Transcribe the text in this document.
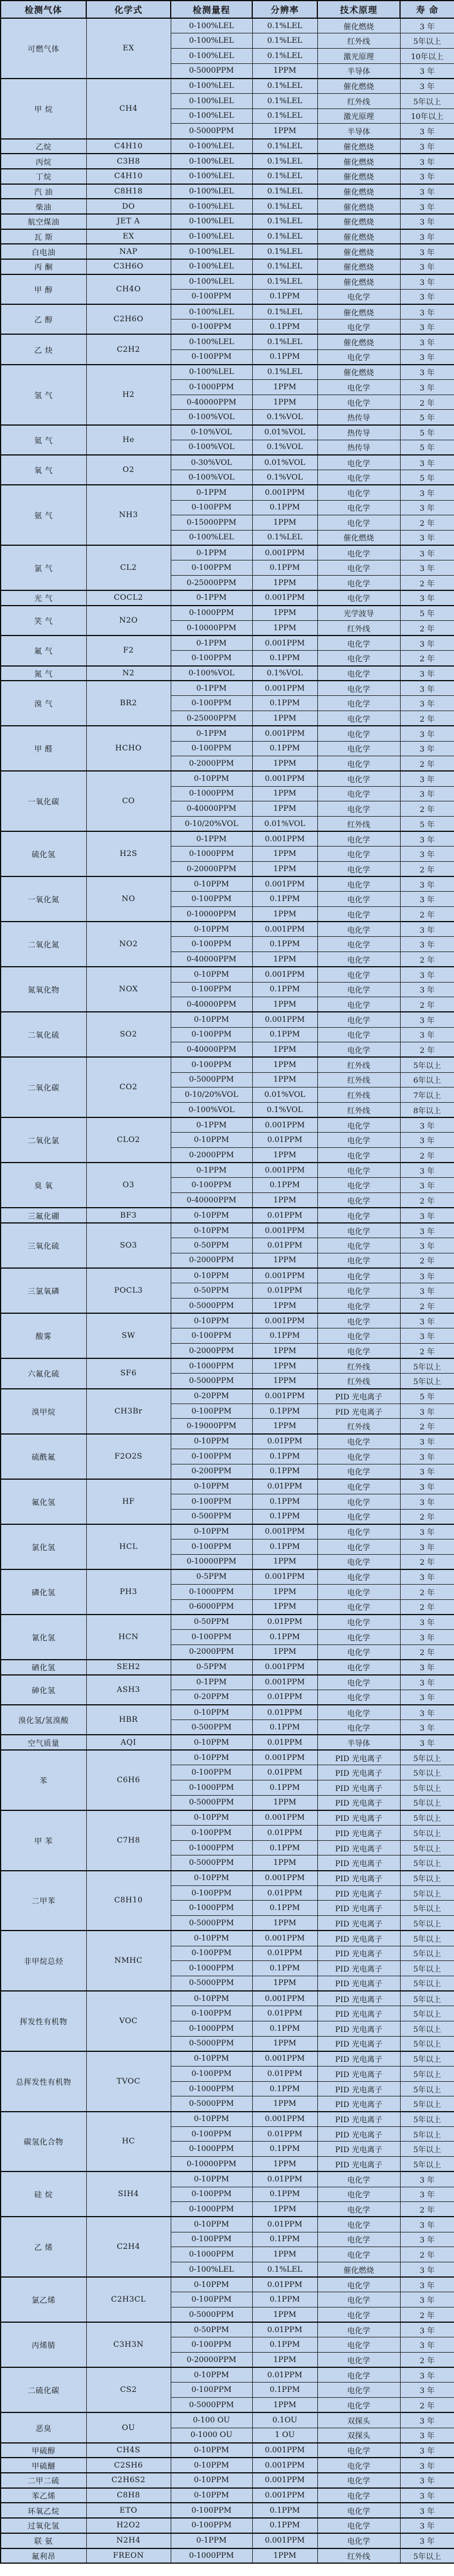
检测气体	化学式	检测量程	分辨率	技术原理	寿 命
可燃气体	EX	0-100%LEL	0.1%LEL	催化燃烧	3 年
		0-100%LEL	0.1%LEL	红外线	5年以上
		0-100%LEL	0.1%LEL	激光原理	10年以上
		0-5000PPM	1PPM	半导体	3 年
甲 烷	CH4	0-100%LEL	0.1%LEL	催化燃烧	3 年
		0-100%LEL	0.1%LEL	红外线	5年以上
		0-100%LEL	0.1%LEL	激光原理	10年以上
		0-5000PPM	1PPM	半导体	3 年
乙烷	C4H10	0-100%LEL	0.1%LEL	催化燃烧	3 年
丙烷	C3H8	0-100%LEL	0.1%LEL	催化燃烧	3 年
丁烷	C4H10	0-100%LEL	0.1%LEL	催化燃烧	3 年
汽 油	C8H18	0-100%LEL	0.1%LEL	催化燃烧	3 年
柴油	DO	0-100%LEL	0.1%LEL	催化燃烧	3 年
航空煤油	JET A	0-100%LEL	0.1%LEL	催化燃烧	3 年
瓦 斯	EX	0-100%LEL	0.1%LEL	催化燃烧	3 年
白电油	NAP	0-100%LEL	0.1%LEL	催化燃烧	3 年
丙 酮	C3H6O	0-100%LEL	0.1%LEL	催化燃烧	3 年
甲 醇	CH4O	0-100%LEL	0.1%LEL	催化燃烧	3 年
		0-100PPM	0.1PPM	电化学	3 年
乙 醇	C2H6O	0-100%LEL	0.1%LEL	催化燃烧	3 年
		0-100PPM	0.1PPM	电化学	3 年
乙 炔	C2H2	0-100%LEL	0.1%LEL	催化燃烧	3 年
		0-100PPM	0.1PPM	电化学	3 年
氢 气	H2	0-100%LEL	0.1%LEL	催化燃烧	3 年
		0-1000PPM	1PPM	电化学	3 年
		0-40000PPM	1PPM	电化学	2 年
		0-100%VOL	0.1%VOL	热传导	5 年
氦 气	He	0-10%VOL	0.01%VOL	热传导	5 年
		0-100%VOL	0.1%VOL	热传导	5 年
氧 气	O2	0-30%VOL	0.01%VOL	电化学	3 年
		0-100%VOL	0.1%VOL	电化学	5 年
氨 气	NH3	0-1PPM	0.001PPM	电化学	3 年
		0-100PPM	0.1PPM	电化学	3 年
		0-15000PPM	1PPM	电化学	2 年
		0-100%LEL	0.1%LEL	催化燃烧	3 年
氯 气	CL2	0-1PPM	0.001PPM	电化学	3 年
		0-100PPM	0.1PPM	电化学	3 年
		0-25000PPM	1PPM	电化学	2 年
光 气	COCL2	0-1PPM	0.001PPM	电化学	3 年
笑 气	N2O	0-1000PPM	1PPM	光学波导	5 年
		0-10000PPM	1PPM	红外线	2 年
氟 气	F2	0-1PPM	0.001PPM	电化学	3 年
		0-100PPM	0.1PPM	电化学	2 年
氮 气	N2	0-100%VOL	0.1%VOL	电化学	3 年
溴 气	BR2	0-1PPM	0.001PPM	电化学	3 年
		0-100PPM	0.1PPM	电化学	3 年
		0-25000PPM	1PPM	电化学	2 年
甲 醛	HCHO	0-1PPM	0.001PPM	电化学	3 年
		0-100PPM	0.1PPM	电化学	3 年
		0-2000PPM	1PPM	电化学	2 年
一氧化碳	CO	0-10PPM	0.001PPM	电化学	3 年
		0-1000PPM	1PPM	电化学	3 年
		0-40000PPM	1PPM	电化学	2 年
		0-10/20%VOL	0.01%VOL	红外线	5 年
硫化氢	H2S	0-1PPM	0.001PPM	电化学	3 年
		0-1000PPM	1PPM	电化学	3 年
		0-20000PPM	1PPM	电化学	2 年
一氧化氮	NO	0-10PPM	0.001PPM	电化学	3 年
		0-100PPM	0.1PPM	电化学	3 年
		0-10000PPM	1PPM	电化学	2 年
二氧化氮	NO2	0-10PPM	0.001PPM	电化学	3 年
		0-100PPM	0.1PPM	电化学	3 年
		0-40000PPM	1PPM	电化学	2 年
氮氧化物	NOX	0-10PPM	0.001PPM	电化学	3 年
		0-100PPM	0.1PPM	电化学	3 年
		0-40000PPM	1PPM	电化学	2 年
二氧化硫	SO2	0-10PPM	0.001PPM	电化学	3 年
		0-100PPM	0.1PPM	电化学	3 年
		0-40000PPM	1PPM	电化学	2 年
二氧化碳	CO2	0-100PPM	1PPM	红外线	5年以上
		0-5000PPM	1PPM	红外线	6年以上
		0-10/20%VOL	0.01%VOL	红外线	7年以上
		0-100%VOL	0.1%VOL	红外线	8年以上
二氧化氯	CLO2	0-1PPM	0.001PPM	电化学	3 年
		0-10PPM	0.01PPM	电化学	3 年
		0-2000PPM	1PPM	电化学	2 年
臭 氧	O3	0-1PPM	0.001PPM	电化学	3 年
		0-100PPM	0.1PPM	电化学	3 年
		0-40000PPM	1PPM	电化学	2 年
三氟化硼	BF3	0-10PPM	0.01PPM	电化学	3 年
三氧化硫	SO3	0-10PPM	0.001PPM	电化学	3 年
		0-50PPM	0.01PPM	电化学	3 年
		0-2000PPM	1PPM	电化学	2 年
三氯氧磷	POCL3	0-10PPM	0.001PPM	电化学	3 年
		0-50PPM	0.01PPM	电化学	3 年
		0-5000PPM	1PPM	电化学	2 年
酸雾	SW	0-10PPM	0.001PPM	电化学	3 年
		0-100PPM	0.1PPM	电化学	3 年
		0-2000PPM	1PPM	电化学	2 年
六氟化硫	SF6	0-1000PPM	1PPM	红外线	5年以上
		0-5000PPM	1PPM	红外线	5年以上
溴甲烷	CH3Br	0-20PPM	0.001PPM	PID 光电离子	5 年
		0-100PPM	0.1PPM	PID 光电离子	3 年
		0-19000PPM	1PPM	红外线	2 年
硫酰氟	F2O2S	0-10PPM	0.01PPM	电化学	3 年
		0-100PPM	0.1PPM	电化学	3 年
		0-200PPM	0.1PPM	电化学	3 年
氟化氢	HF	0-10PPM	0.01PPM	电化学	3 年
		0-100PPM	0.1PPM	电化学	3 年
		0-500PPM	0.1PPM	电化学	2 年
氯化氢	HCL	0-10PPM	0.001PPM	电化学	3 年
		0-100PPM	0.1PPM	电化学	3 年
		0-10000PPM	1PPM	电化学	2 年
磷化氢	PH3	0-5PPM	0.001PPM	电化学	3 年
		0-1000PPM	1PPM	电化学	2 年
		0-6000PPM	1PPM	电化学	2 年
氰化氢	HCN	0-50PPM	0.01PPM	电化学	3 年
		0-100PPM	0.1PPM	电化学	3 年
		0-2000PPM	1PPM	电化学	2 年
硒化氢	SEH2	0-5PPM	0.001PPM	电化学	3 年
砷化氢	ASH3	0-1PPM	0.001PPM	电化学	3 年
		0-20PPM	0.01PPM	电化学	3 年
溴化氢/氢溴酸	HBR	0-10PPM	0.01PPM	电化学	3 年
		0-500PPM	0.1PPM	电化学	3 年
空气质量	AQI	0-10PPM	0.01PPM	半导体	3 年
苯	C6H6	0-10PPM	0.001PPM	PID 光电离子	5年以上
		0-100PPM	0.01PPM	PID 光电离子	5年以上
		0-1000PPM	0.1PPM	PID 光电离子	5年以上
		0-5000PPM	1PPM	PID 光电离子	5年以上
甲 苯	C7H8	0-10PPM	0.001PPM	PID 光电离子	5年以上
		0-100PPM	0.01PPM	PID 光电离子	5年以上
		0-1000PPM	0.1PPM	PID 光电离子	5年以上
		0-5000PPM	1PPM	PID 光电离子	5年以上
二甲苯	C8H10	0-10PPM	0.001PPM	PID 光电离子	5年以上
		0-100PPM	0.01PPM	PID 光电离子	5年以上
		0-1000PPM	0.1PPM	PID 光电离子	5年以上
		0-5000PPM	1PPM	PID 光电离子	5年以上
非甲烷总烃	NMHC	0-10PPM	0.001PPM	PID 光电离子	5年以上
		0-100PPM	0.01PPM	PID 光电离子	5年以上
		0-1000PPM	0.1PPM	PID 光电离子	5年以上
		0-5000PPM	1PPM	PID 光电离子	5年以上
挥发性有机物	VOC	0-10PPM	0.001PPM	PID 光电离子	5年以上
		0-100PPM	0.01PPM	PID 光电离子	5年以上
		0-1000PPM	0.1PPM	PID 光电离子	5年以上
		0-5000PPM	1PPM	PID 光电离子	5年以上
总挥发性有机物	TVOC	0-10PPM	0.001PPM	PID 光电离子	5年以上
		0-100PPM	0.01PPM	PID 光电离子	5年以上
		0-1000PPM	0.1PPM	PID 光电离子	5年以上
		0-5000PPM	1PPM	PID 光电离子	5年以上
碳氢化合物	HC	0-10PPM	0.001PPM	PID 光电离子	5年以上
		0-100PPM	0.01PPM	PID 光电离子	5年以上
		0-1000PPM	0.1PPM	PID 光电离子	5年以上
		0-10000PPM	1PPM	PID 光电离子	5年以上
硅 烷	SIH4	0-10PPM	0.01PPM	电化学	3 年
		0-100PPM	0.1PPM	电化学	3 年
		0-1000PPM	1PPM	电化学	2 年
乙 烯	C2H4	0-10PPM	0.01PPM	电化学	3 年
		0-100PPM	0.1PPM	电化学	3 年
		0-1000PPM	1PPM	电化学	2 年
		0-100%LEL	0.1%LEL	催化燃烧	3 年
氯乙烯	C2H3CL	0-10PPM	0.01PPM	电化学	3 年
		0-100PPM	0.1PPM	电化学	3 年
		0-5000PPM	1PPM	电化学	2 年
丙烯腈	C3H3N	0-50PPM	0.01PPM	电化学	3 年
		0-100PPM	0.1PPM	电化学	3 年
		0-20000PPM	1PPM	电化学	2 年
二硫化碳	CS2	0-10PPM	0.01PPM	电化学	3 年
		0-100PPM	0.1PPM	电化学	3 年
		0-5000PPM	1PPM	电化学	2 年
恶臭	OU	0-100 OU	0.1OU	双探头	3 年
		0-1000 OU	1 OU	双探头	3 年
甲硫醇	CH4S	0-10PPM	0.001PPM	电化学	3 年
甲硫醚	C2SH6	0-10PPM	0.001PPM	电化学	3 年
二甲二硫	C2H6S2	0-10PPM	0.001PPM	电化学	3 年
苯乙烯	C8H8	0-10PPM	0.001PPM	电化学	3 年
环氧乙烷	ETO	0-100PPM	0.1PPM	电化学	3 年
过氧化氢	H2O2	0-100PPM	0.1PPM	电化学	3 年
联 氨	N2H4	0-1PPM	0.001PPM	电化学	3 年
氟利昂	FREON	0-1000PPM	1PPM	红外线	5年以上
